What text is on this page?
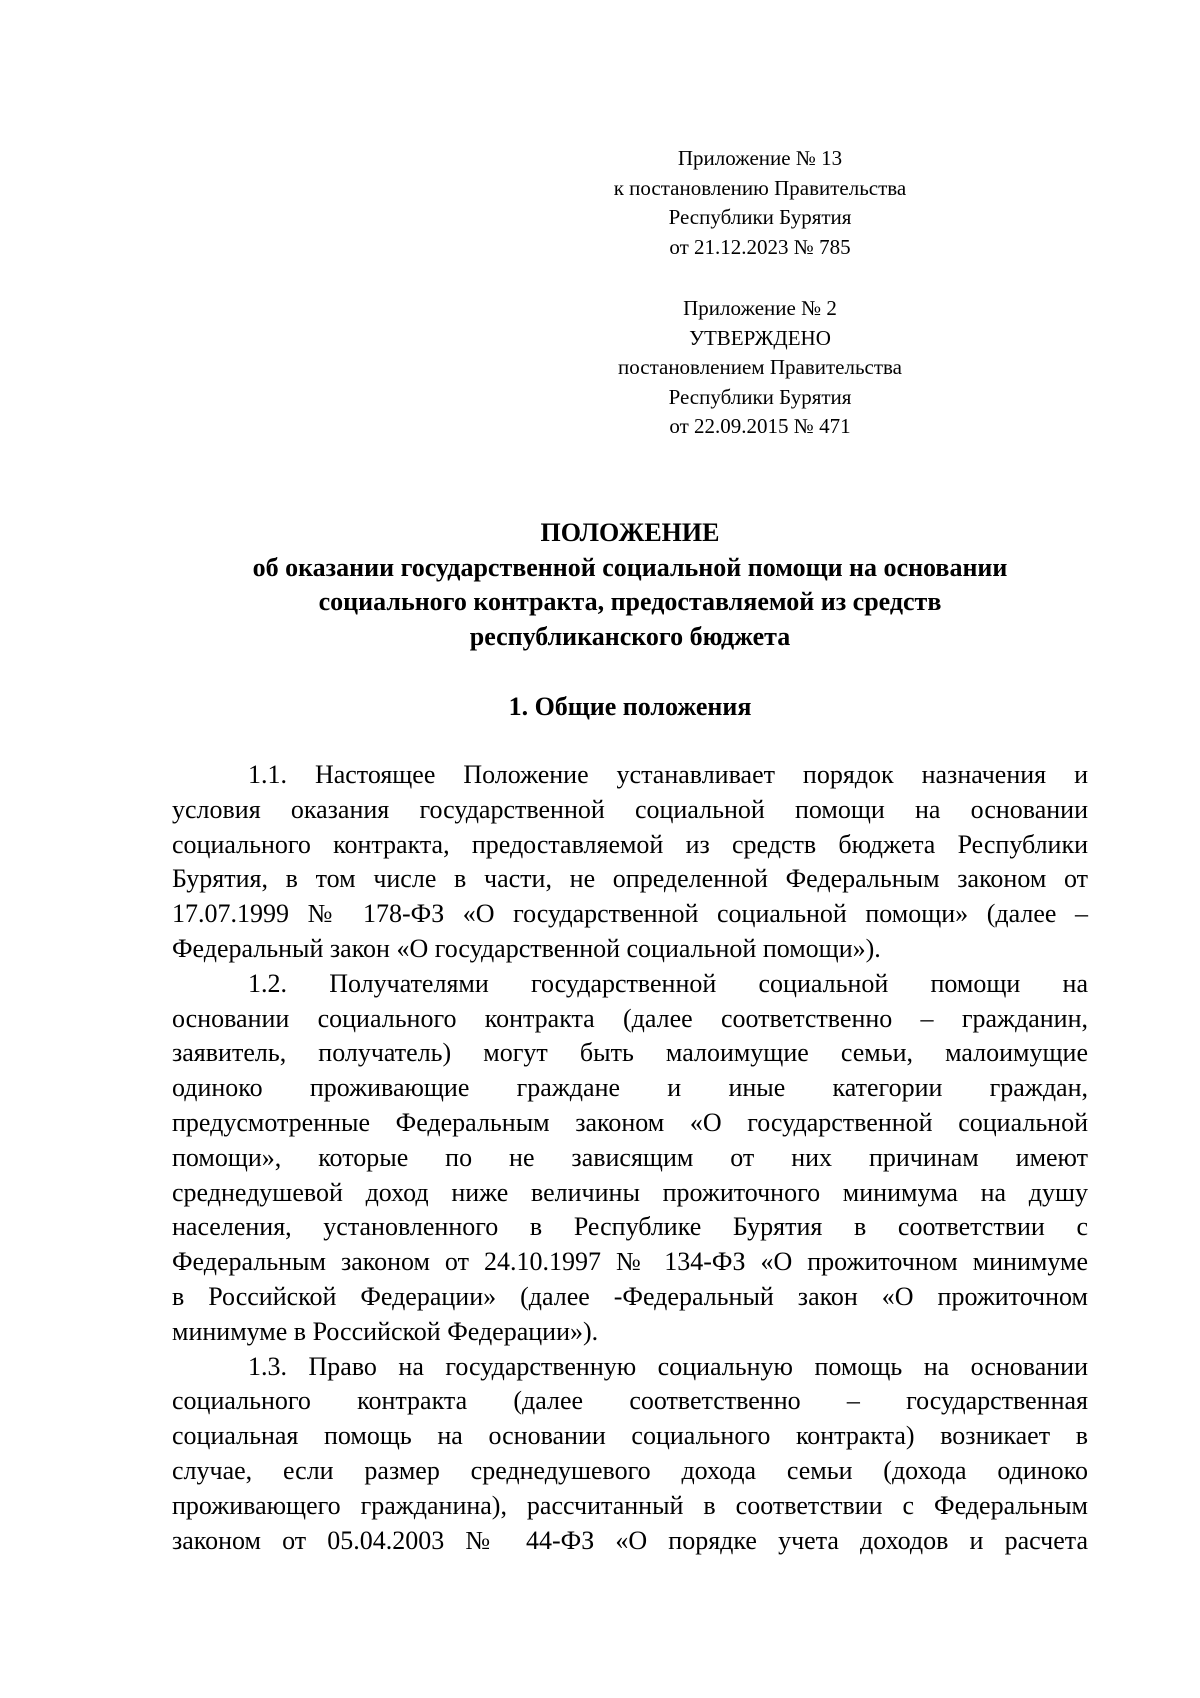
Приложение № 13
к постановлению Правительства
Республики Бурятия
от 21.12.2023 № 785
Приложение № 2
УТВЕРЖДЕНО
постановлением Правительства
Республики Бурятия
от 22.09.2015 № 471
ПОЛОЖЕНИЕ
об оказании государственной социальной помощи на основании
социального контракта, предоставляемой из средств
республиканского бюджета
1. Общие положения
1.1. Настоящее Положение устанавливает порядок назначения и
условия оказания государственной социальной помощи на основании
социального контракта, предоставляемой из средств бюджета Республики
Бурятия, в том числе в части, не определенной Федеральным законом от
17.07.1999 № 178-ФЗ «О государственной социальной помощи» (далее –
Федеральный закон «О государственной социальной помощи»).
1.2. Получателями государственной социальной помощи на
основании социального контракта (далее соответственно – гражданин,
заявитель, получатель) могут быть малоимущие семьи, малоимущие
одиноко проживающие граждане и иные категории граждан,
предусмотренные Федеральным законом «О государственной социальной
помощи», которые по не зависящим от них причинам имеют
среднедушевой доход ниже величины прожиточного минимума на душу
населения, установленного в Республике Бурятия в соответствии с
Федеральным законом от 24.10.1997 № 134-ФЗ «О прожиточном минимуме
в Российской Федерации» (далее -Федеральный закон «О прожиточном
минимуме в Российской Федерации»).
1.3. Право на государственную социальную помощь на основании
социального контракта (далее соответственно – государственная
социальная помощь на основании социального контракта) возникает в
случае, если размер среднедушевого дохода семьи (дохода одиноко
проживающего гражданина), рассчитанный в соответствии с Федеральным
законом от 05.04.2003 № 44-ФЗ «О порядке учета доходов и расчета
